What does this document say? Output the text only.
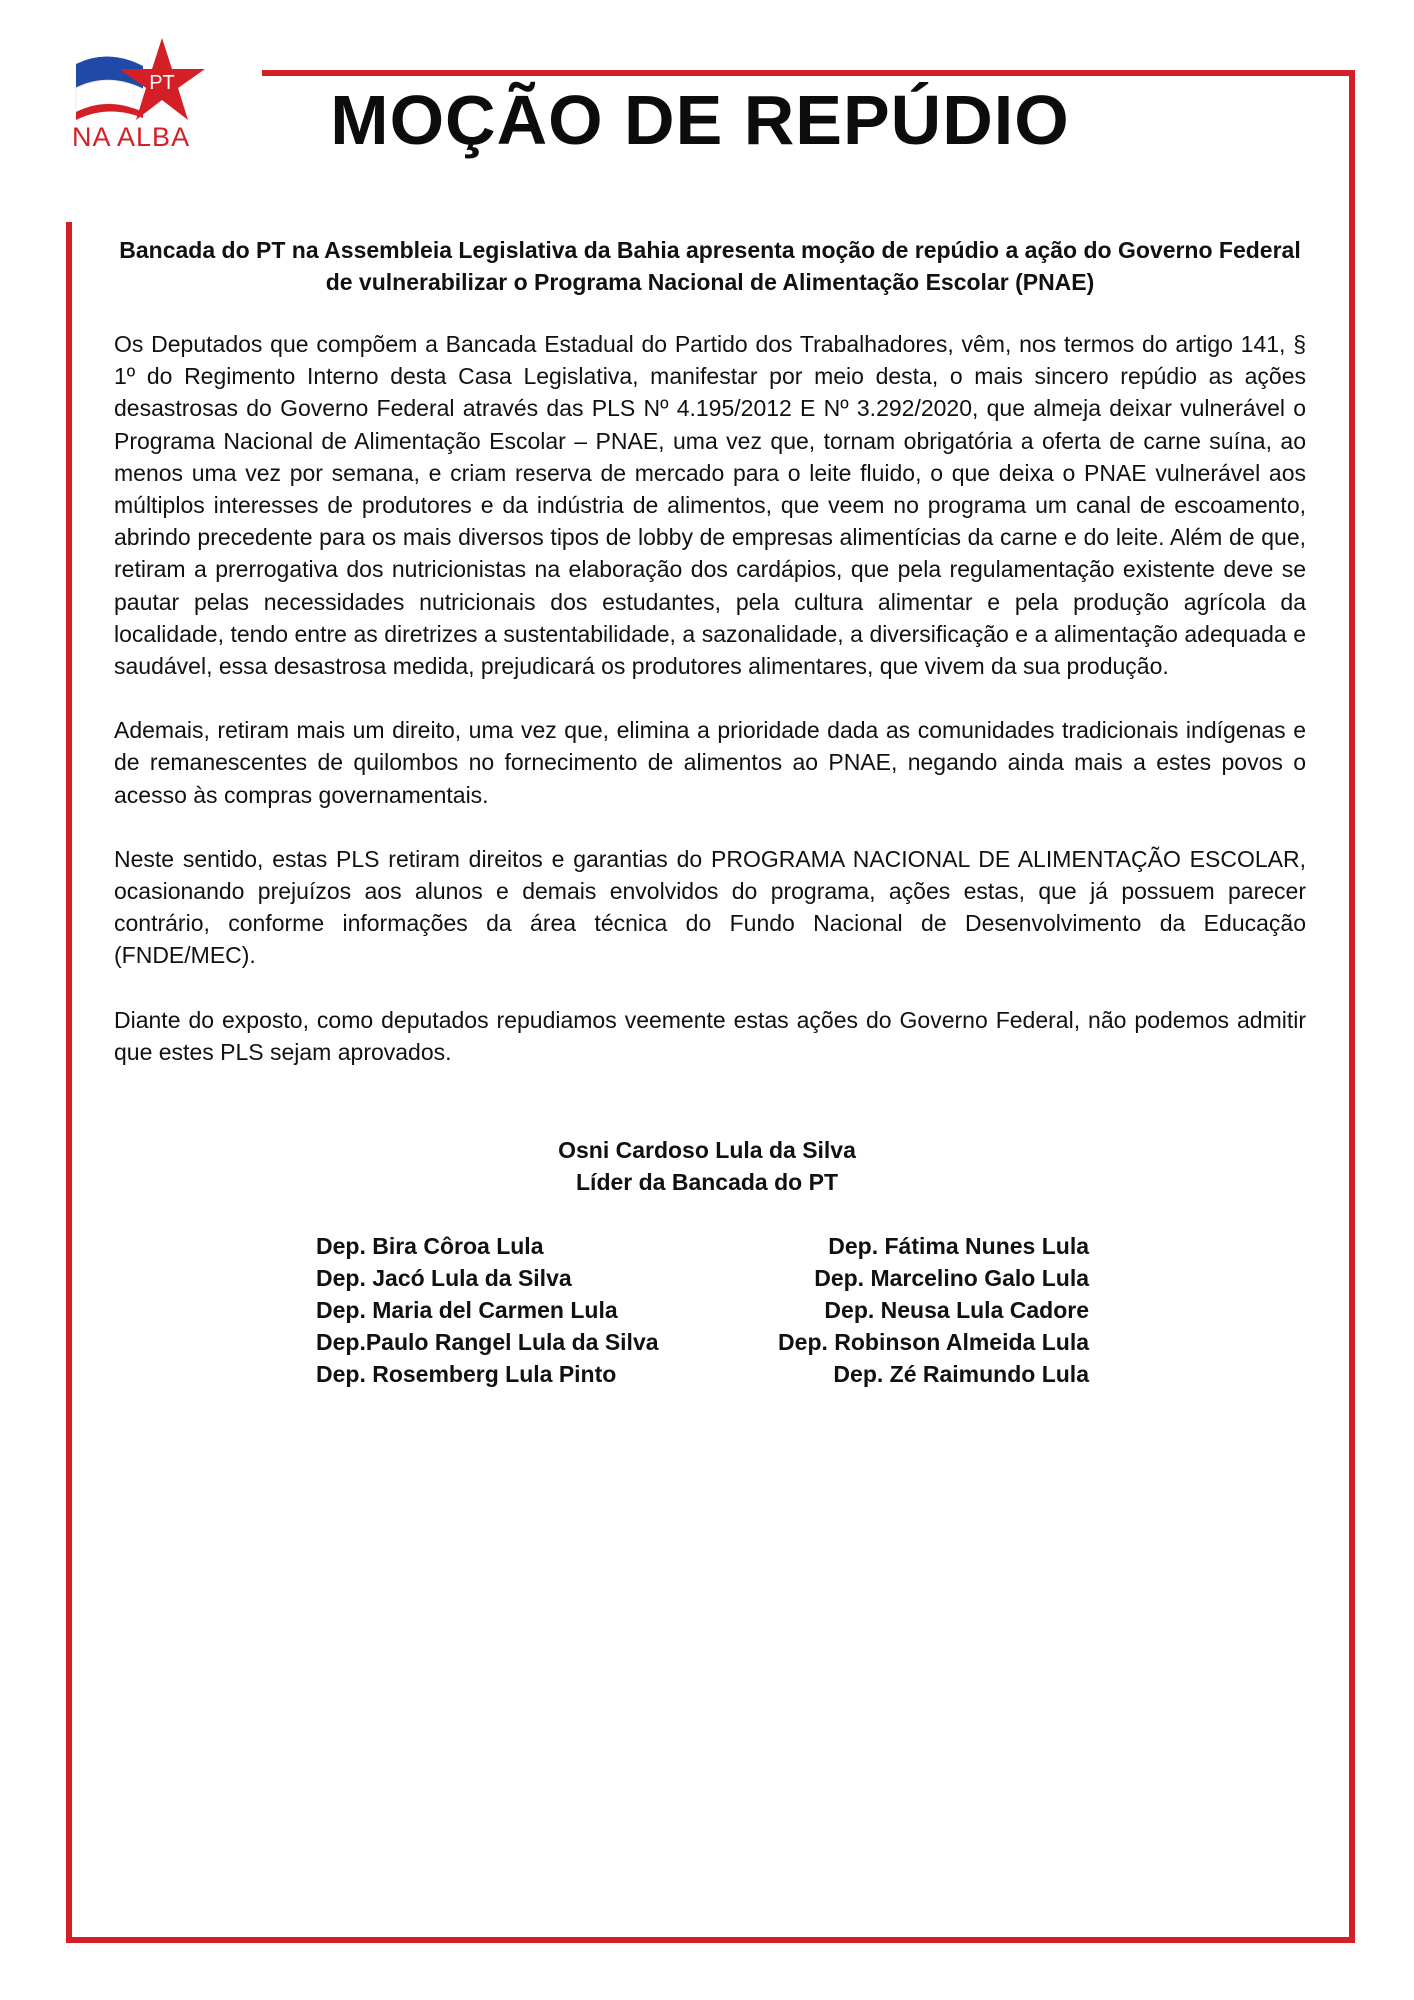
PT
NA ALBA	MOÇÃO DE REPÚDIO
Bancada do PT na Assembleia Legislativa da Bahia apresenta moção de repúdio a ação do Governo Federal de vulnerabilizar o Programa Nacional de Alimentação Escolar (PNAE)

Os Deputados que compõem a Bancada Estadual do Partido dos Trabalhadores, vêm, nos termos do artigo 141, § 1º do Regimento Interno desta Casa Legislativa, manifestar por meio desta, o mais sincero repúdio as ações desastrosas do Governo Federal através das PLS Nº 4.195/2012 E Nº 3.292/2020, que almeja deixar vulnerável o Programa Nacional de Alimentação Escolar – PNAE, uma vez que, tornam obrigatória a oferta de carne suína, ao menos uma vez por semana, e criam reserva de mercado para o leite fluido, o que deixa o PNAE vulnerável aos múltiplos interesses de produtores e da indústria de alimentos, que veem no programa um canal de escoamento, abrindo precedente para os mais diversos tipos de lobby de empresas alimentícias da carne e do leite. Além de que, retiram a prerrogativa dos nutricionistas na elaboração dos cardápios, que pela regulamentação existente deve se pautar pelas necessidades nutricionais dos estudantes, pela cultura alimentar e pela produção agrícola da localidade, tendo entre as diretrizes a sustentabilidade, a sazonalidade, a diversificação e a alimentação adequada e saudável, essa desastrosa medida, prejudicará os produtores alimentares, que vivem da sua produção.

Ademais, retiram mais um direito, uma vez que, elimina a prioridade dada as comunidades tradicionais indígenas e de remanescentes de quilombos no fornecimento de alimentos ao PNAE, negando ainda mais a estes povos o acesso às compras governamentais.

Neste sentido, estas PLS retiram direitos e garantias do PROGRAMA NACIONAL DE ALIMENTAÇÃO ESCOLAR, ocasionando prejuízos aos alunos e demais envolvidos do programa, ações estas, que já possuem parecer contrário, conforme informações da área técnica do Fundo Nacional de Desenvolvimento da Educação (FNDE/MEC).

Diante do exposto, como deputados repudiamos veemente estas ações do Governo Federal, não podemos admitir que estes PLS sejam aprovados.

Osni Cardoso Lula da Silva
Líder da Bancada do PT
Dep. Bira Côroa Lula
Dep. Jacó Lula da Silva
Dep. Maria del Carmen Lula
Dep.Paulo Rangel Lula da Silva
Dep. Rosemberg Lula Pinto
Dep. Fátima Nunes Lula
Dep. Marcelino Galo Lula
Dep. Neusa Lula Cadore
Dep. Robinson Almeida Lula
Dep. Zé Raimundo Lula
